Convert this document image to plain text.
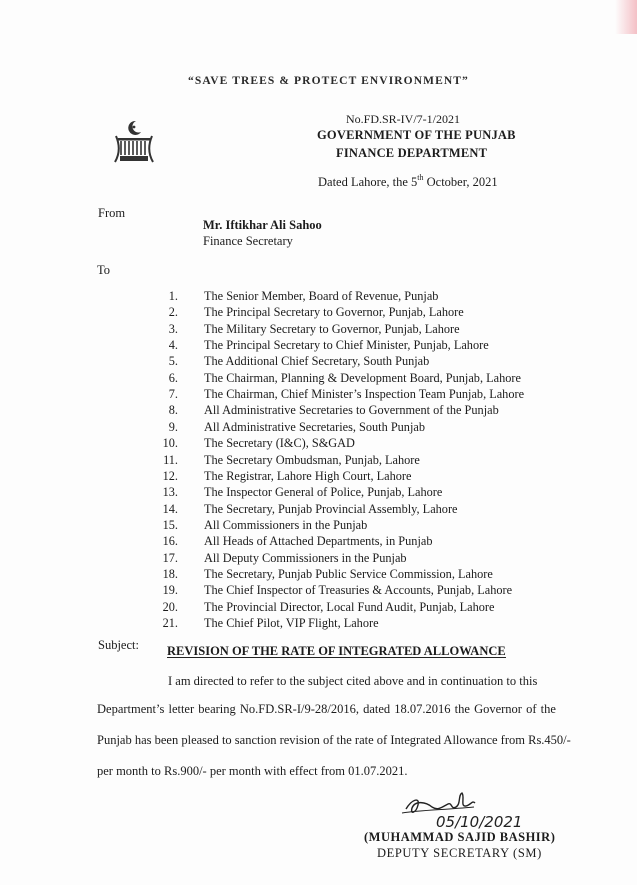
“SAVE TREES & PROTECT ENVIRONMENT”
No.FD.SR-IV/7-1/2021
GOVERNMENT OF THE PUNJAB
FINANCE DEPARTMENT
Dated Lahore, the 5th October, 2021
From
Mr. Iftikhar Ali Sahoo
Finance Secretary
To
1. The Senior Member, Board of Revenue, Punjab
2. The Principal Secretary to Governor, Punjab, Lahore
3. The Military Secretary to Governor, Punjab, Lahore
4. The Principal Secretary to Chief Minister, Punjab, Lahore
5. The Additional Chief Secretary, South Punjab
6. The Chairman, Planning & Development Board, Punjab, Lahore
7. The Chairman, Chief Minister’s Inspection Team Punjab, Lahore
8. All Administrative Secretaries to Government of the Punjab
9. All Administrative Secretaries, South Punjab
10. The Secretary (I&C), S&GAD
11. The Secretary Ombudsman, Punjab, Lahore
12. The Registrar, Lahore High Court, Lahore
13. The Inspector General of Police, Punjab, Lahore
14. The Secretary, Punjab Provincial Assembly, Lahore
15. All Commissioners in the Punjab
16. All Heads of Attached Departments, in Punjab
17. All Deputy Commissioners in the Punjab
18. The Secretary, Punjab Public Service Commission, Lahore
19. The Chief Inspector of Treasuries & Accounts, Punjab, Lahore
20. The Provincial Director, Local Fund Audit, Punjab, Lahore
21. The Chief Pilot, VIP Flight, Lahore
Subject: REVISION OF THE RATE OF INTEGRATED ALLOWANCE
I am directed to refer to the subject cited above and in continuation to this
Department’s letter bearing No.FD.SR-I/9-28/2016, dated 18.07.2016 the Governor of the
Punjab has been pleased to sanction revision of the rate of Integrated Allowance from Rs.450/-
per month to Rs.900/- per month with effect from 01.07.2021.
05/10/2021
(MUHAMMAD SAJID BASHIR)
DEPUTY SECRETARY (SM)
